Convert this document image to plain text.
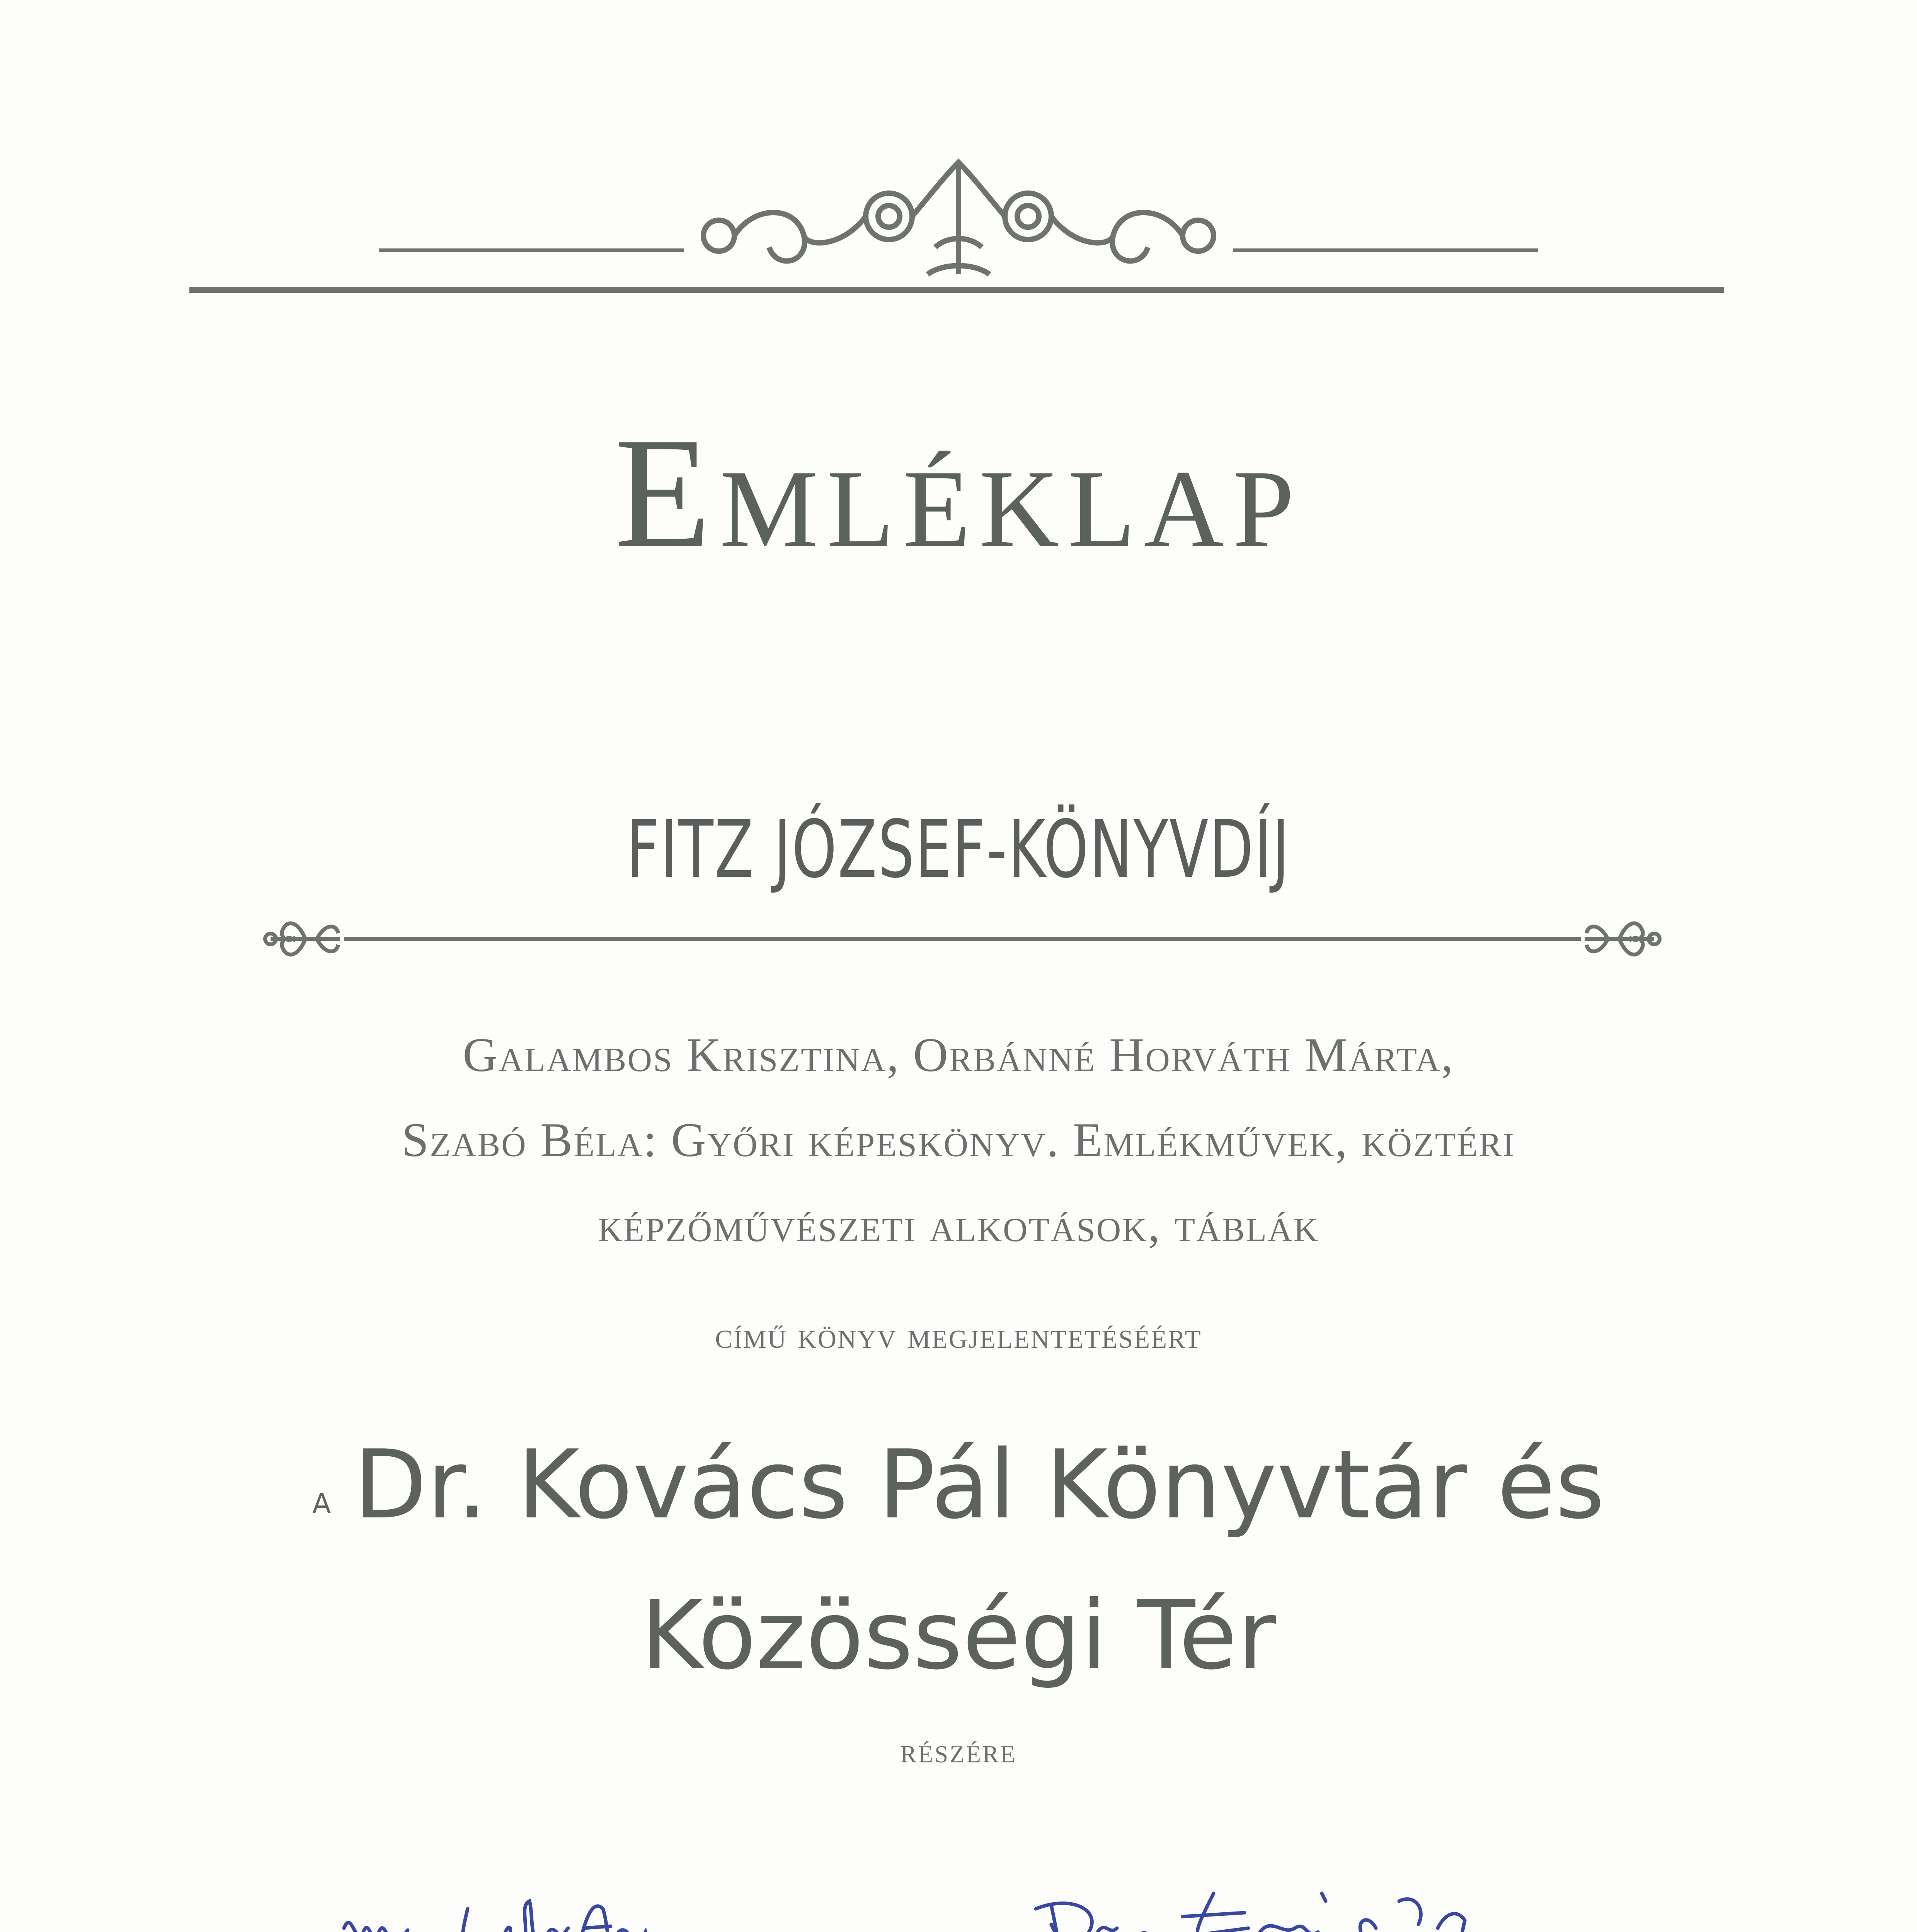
Emléklap
FITZ JÓZSEF-KÖNYVDÍJ
Galambos Krisztina, Orbánné Horváth Márta,
Szabó Béla: Győri képeskönyv. Emlékművek, köztéri
képzőművészeti alkotások, táblák
című könyv megjelentetéséért
a Dr. Kovács Pál Könyvtár és
Közösségi Tér
részére
